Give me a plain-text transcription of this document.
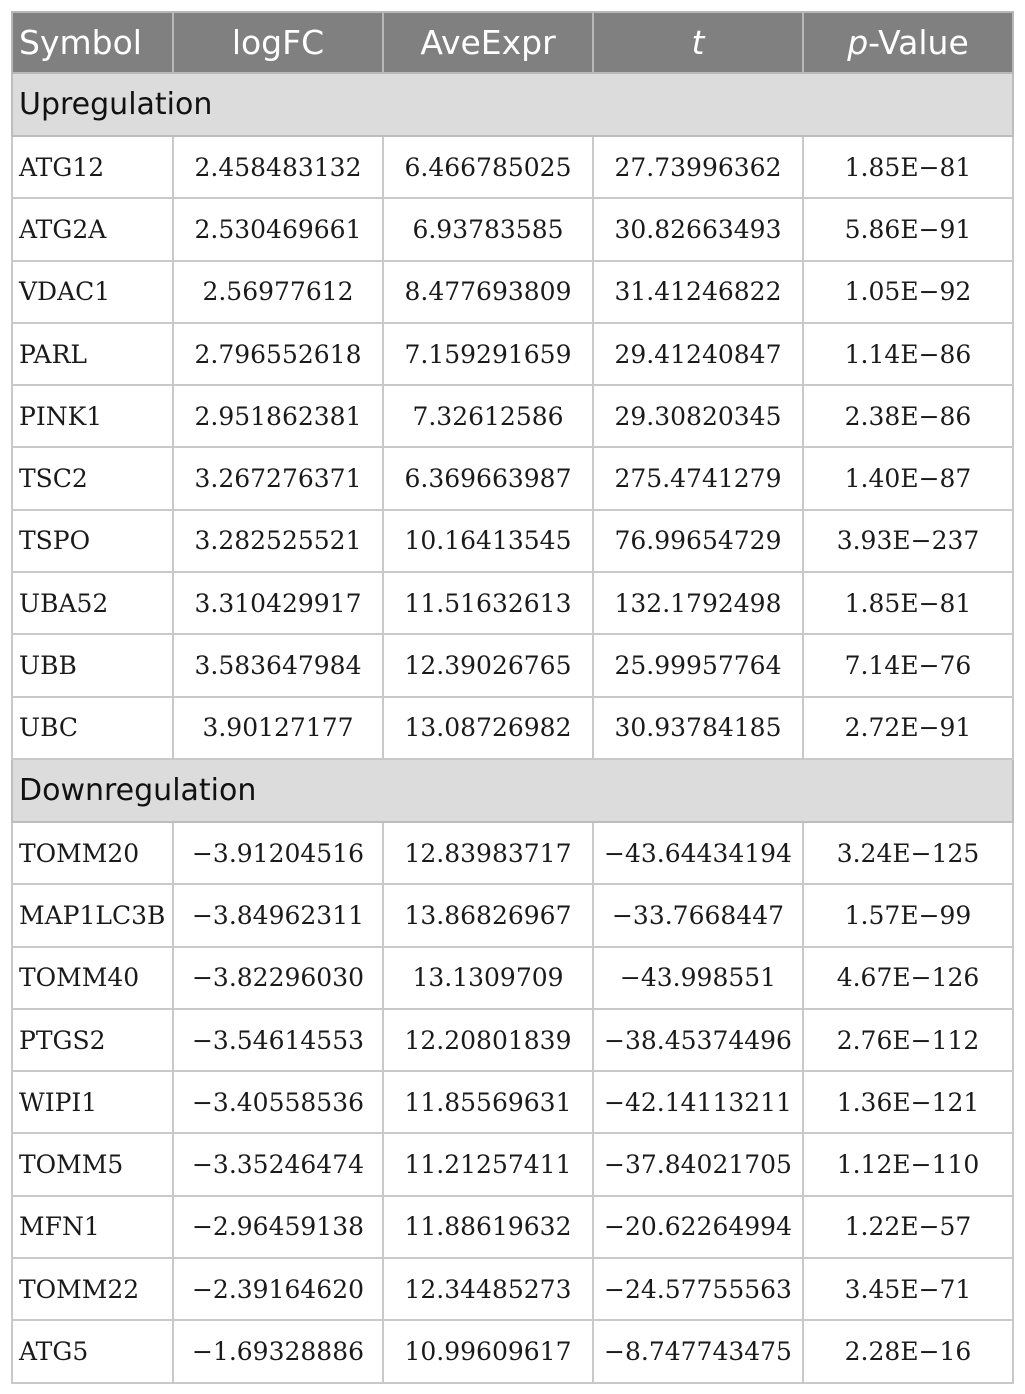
Symbol	logFC	AveExpr	t	p-Value
Upregulation				
ATG12	2.458483132	6.466785025	27.73996362	1.85E−81
ATG2A	2.530469661	6.93783585	30.82663493	5.86E−91
VDAC1	2.56977612	8.477693809	31.41246822	1.05E−92
PARL	2.796552618	7.159291659	29.41240847	1.14E−86
PINK1	2.951862381	7.32612586	29.30820345	2.38E−86
TSC2	3.267276371	6.369663987	275.4741279	1.40E−87
TSPO	3.282525521	10.16413545	76.99654729	3.93E−237
UBA52	3.310429917	11.51632613	132.1792498	1.85E−81
UBB	3.583647984	12.39026765	25.99957764	7.14E−76
UBC	3.90127177	13.08726982	30.93784185	2.72E−91
Downregulation				
TOMM20	−3.91204516	12.83983717	−43.64434194	3.24E−125
MAP1LC3B	−3.84962311	13.86826967	−33.7668447	1.57E−99
TOMM40	−3.82296030	13.1309709	−43.998551	4.67E−126
PTGS2	−3.54614553	12.20801839	−38.45374496	2.76E−112
WIPI1	−3.40558536	11.85569631	−42.14113211	1.36E−121
TOMM5	−3.35246474	11.21257411	−37.84021705	1.12E−110
MFN1	−2.96459138	11.88619632	−20.62264994	1.22E−57
TOMM22	−2.39164620	12.34485273	−24.57755563	3.45E−71
ATG5	−1.69328886	10.99609617	−8.747743475	2.28E−16
